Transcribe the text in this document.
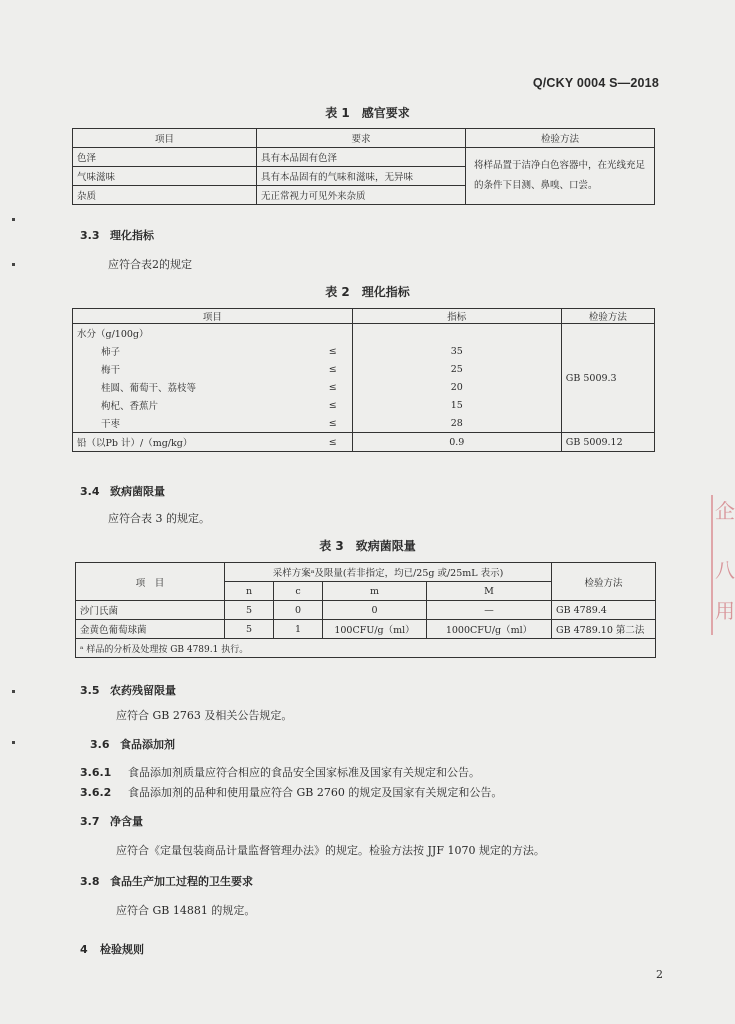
Q/CKY 0004 S—2018
表 1　感官要求
项目	要求	检验方法
色泽	具有本品固有色泽	将样品置于洁净白色容器中，在光线充足的条件下目测、鼻嗅、口尝。
气味滋味	具有本品固有的气味和滋味，无异味	
杂质	无正常视力可见外来杂质	
3.3 理化指标
应符合表2的规定
表 2　理化指标
项目		指标	检验方法
水分（g/100g）			GB 5009.3
柿子	≤	35	
梅干	≤	25	
桂圆、葡萄干、荔枝等	≤	20	
枸杞、香蕉片	≤	15	
干枣	≤	28	
铅（以Pb 计）/（mg/kg）	≤	0.9	GB 5009.12
3.4 致病菌限量
应符合表 3 的规定。
表 3　致病菌限量
项　目	采样方案ᵃ及限量(若非指定，均已/25g 或/25mL 表示)				检验方法
	n	c	m	M	
沙门氏菌	5	0	0	—	GB 4789.4
金黄色葡萄球菌	5	1	100CFU/g（ml）	1000CFU/g（ml）	GB 4789.10 第二法
ᵃ 样品的分析及处理按 GB 4789.1 执行。					
3.5 农药残留限量
应符合 GB 2763 及相关公告规定。
3.6 食品添加剂
3.6.1 食品添加剂质量应符合相应的食品安全国家标准及国家有关规定和公告。
3.6.2 食品添加剂的品种和使用量应符合 GB 2760 的规定及国家有关规定和公告。
3.7 净含量
应符合《定量包装商品计量监督管理办法》的规定。检验方法按 JJF 1070 规定的方法。
3.8 食品生产加工过程的卫生要求
应符合 GB 14881 的规定。
4 检验规则
2
企
八
用
